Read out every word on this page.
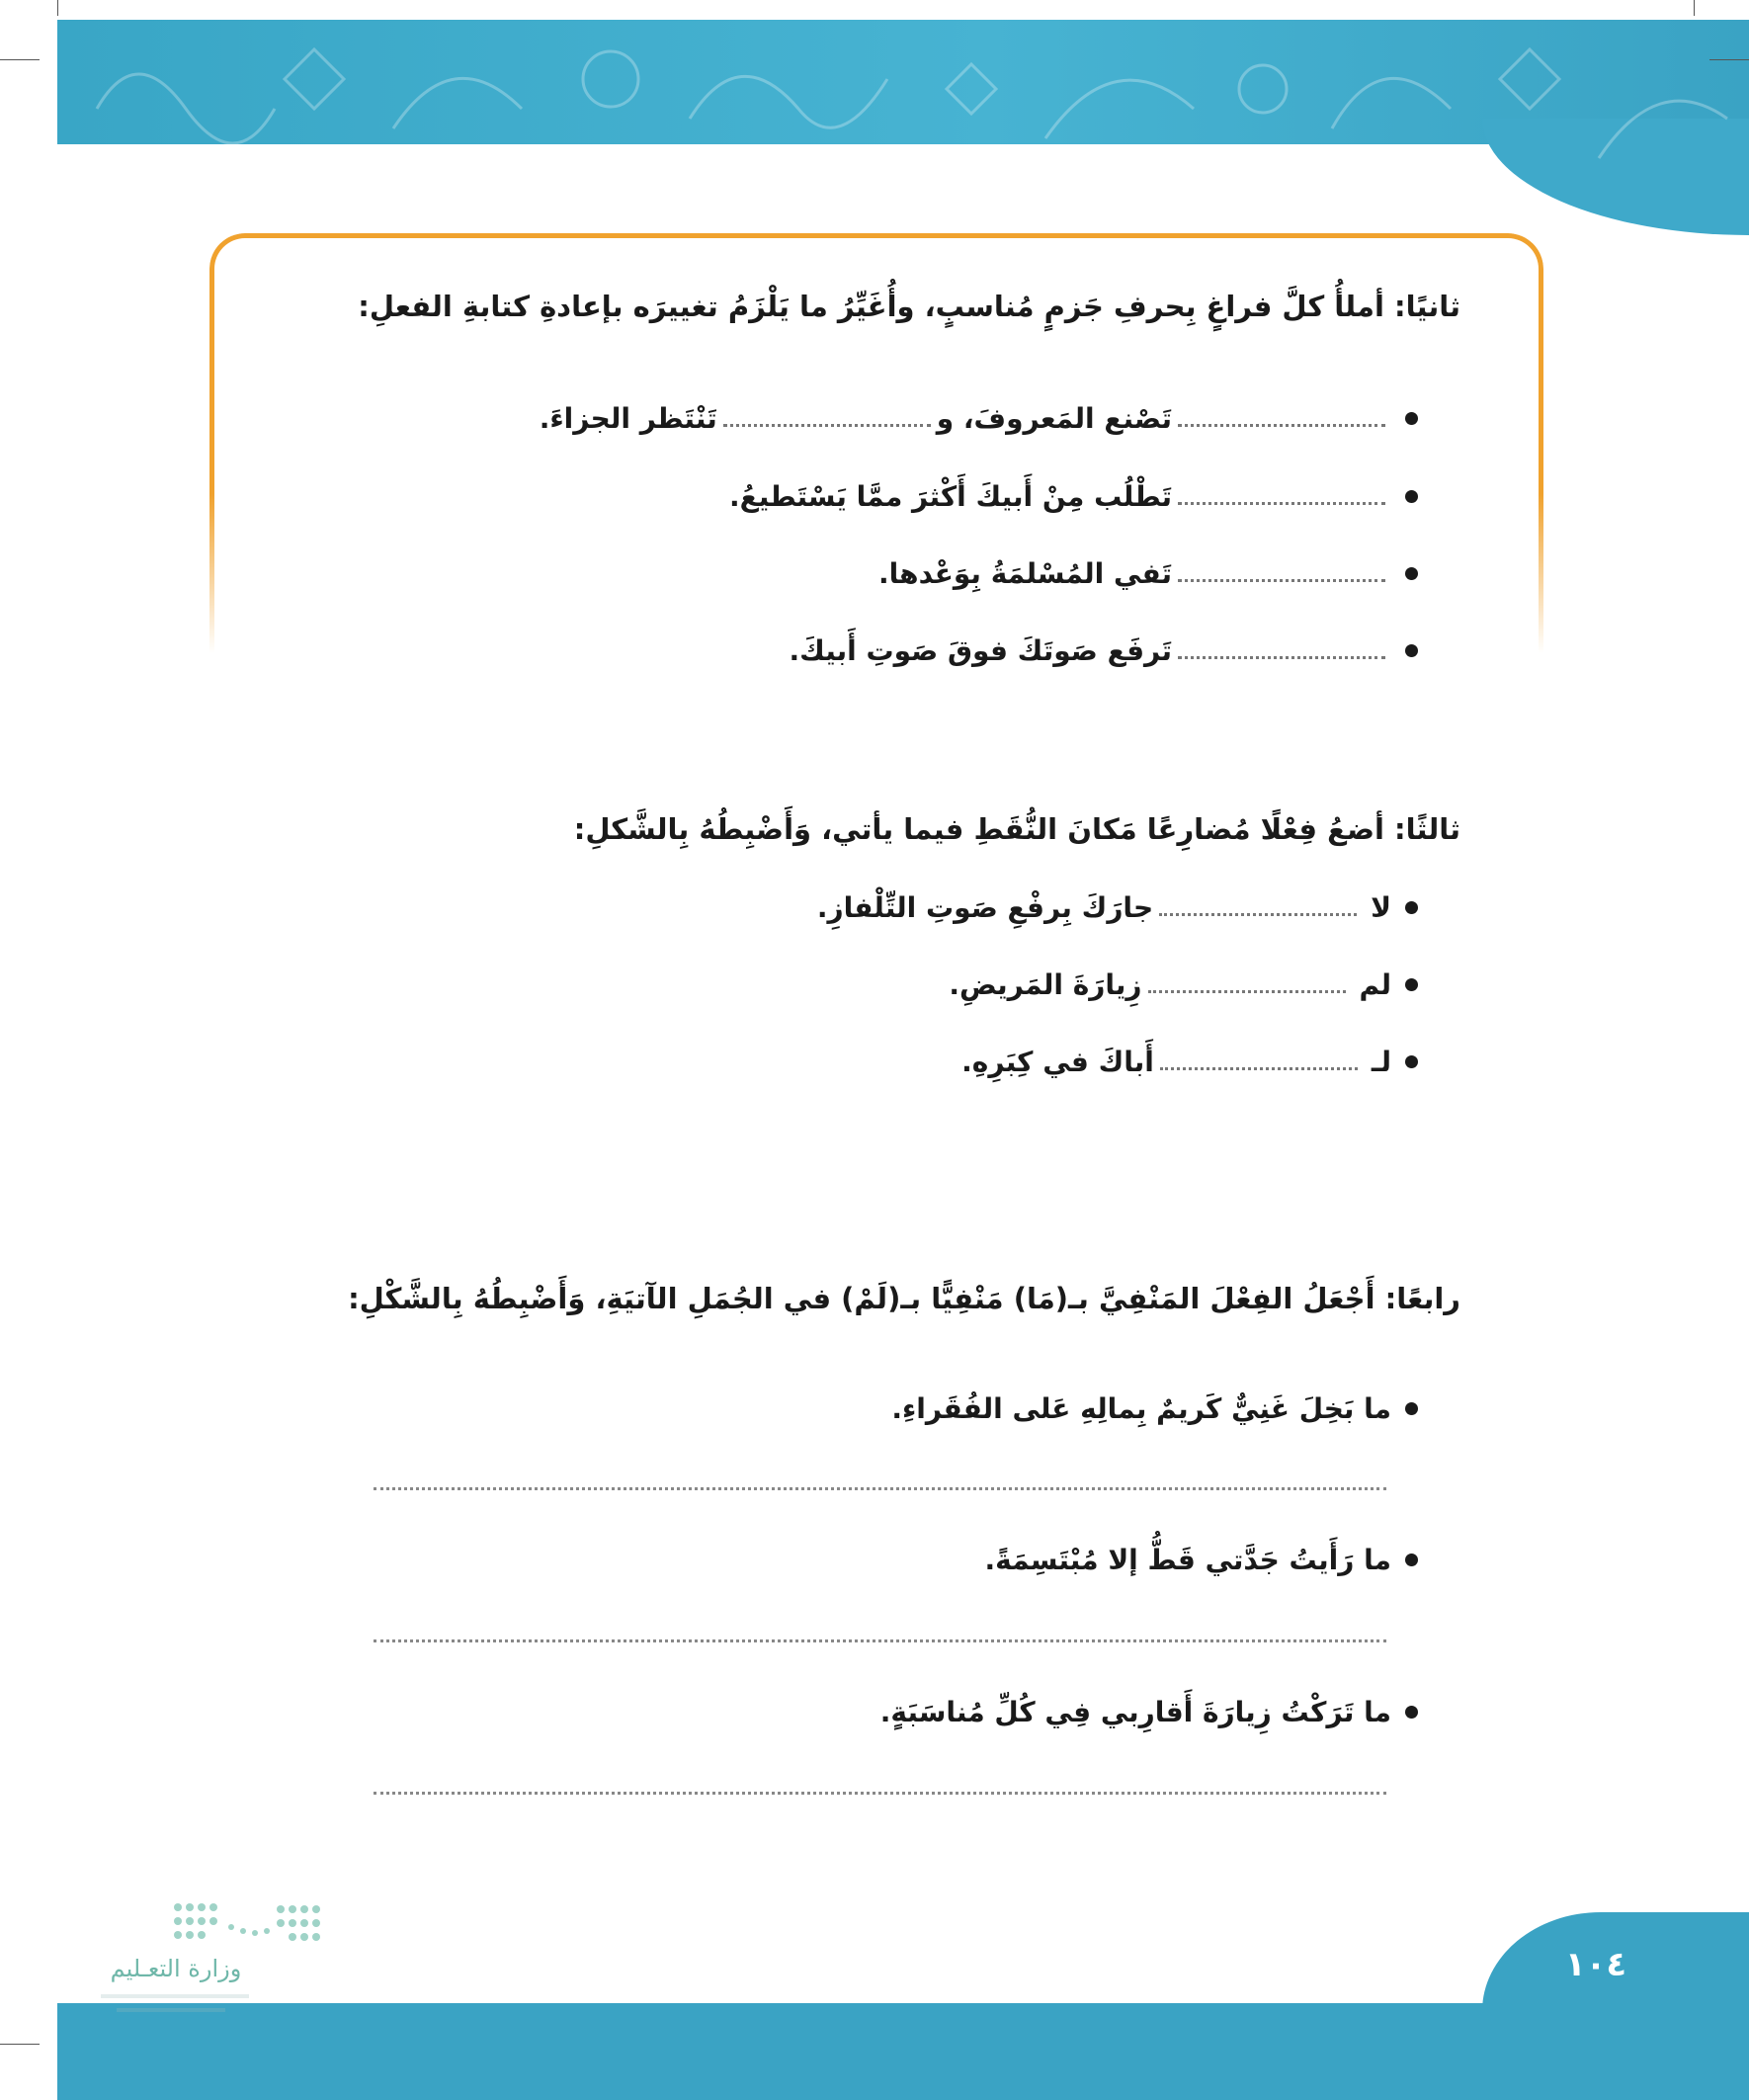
ثانيًا: أملأُ كلَّ فراغٍ بِحرفِ جَزمٍ مُناسبٍ، وأُغَيِّرُ ما يَلْزَمُ تغييرَه بإعادةِ كتابةِ الفعلِ:
تَصْنع المَعروفَ، و
تَنْتَظر الجزاءَ.
تَطْلُب مِنْ أَبيكَ أَكْثرَ ممَّا يَسْتَطيعُ.
تَفي المُسْلمَةُ بِوَعْدها.
تَرفَع صَوتَكَ فوقَ صَوتِ أَبيكَ.
ثالثًا: أضعُ فِعْلًا مُضارِعًا مَكانَ النُّقَطِ فيما يأتي، وَأَضْبِطُهُ بِالشَّكلِ:
لا
جارَكَ بِرفْعِ صَوتِ التِّلْفازِ.
لم
زِيارَةَ المَريضِ.
لـ
أَباكَ في كِبَرِهِ.
رابعًا: أَجْعَلُ الفِعْلَ المَنْفِيَّ بـ(مَا) مَنْفِيًّا بـ(لَمْ) في الجُمَلِ الآتيَةِ، وَأَضْبِطُهُ بِالشَّكْلِ:
ما بَخِلَ غَنِيٌّ كَريمٌ بِمالِهِ عَلى الفُقَراءِ.
ما رَأَيتُ جَدَّتي قَطُّ إلا مُبْتَسِمَةً.
ما تَرَكْتُ زِيارَةَ أَقارِبي فِي كُلِّ مُناسَبَةٍ.
١٠٤
وزارة التعـليم
